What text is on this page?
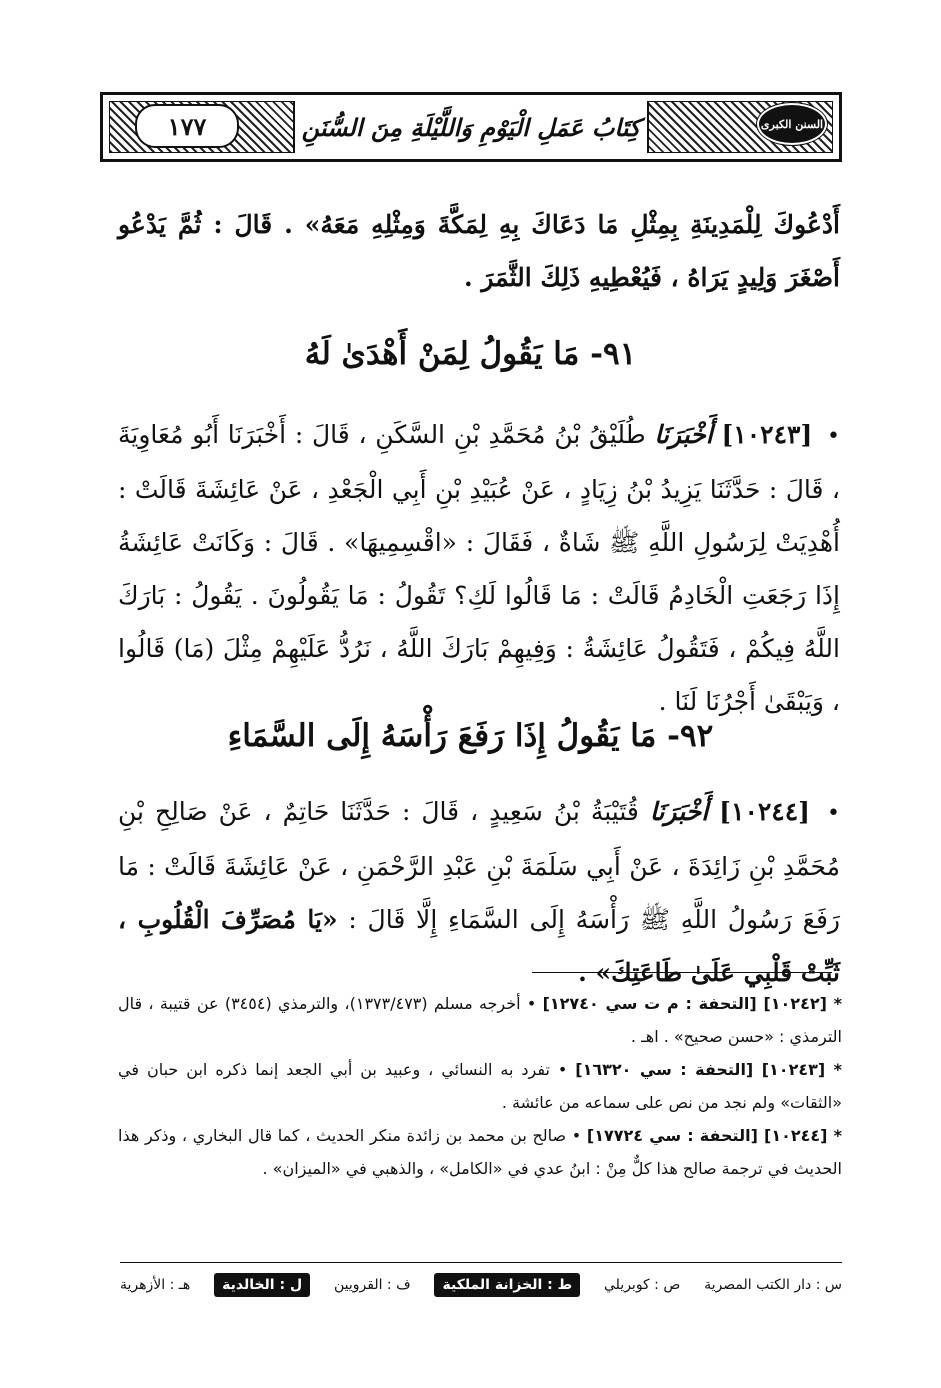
كِتَابُ عَمَلِ الْيَوْمِ وَاللَّيْلَةِ مِنَ السُّنَنِ	السنن الكبرى
١٧٧
أَدْعُوكَ لِلْمَدِينَةِ بِمِثْلِ مَا دَعَاكَ بِهِ لِمَكَّةَ وَمِثْلِهِ مَعَهُ» . قَالَ : ثُمَّ يَدْعُو أَصْغَرَ وَلِيدٍ يَرَاهُ ، فَيُعْطِيهِ ذَلِكَ الثَّمَرَ .
٩١- مَا يَقُولُ لِمَنْ أَهْدَىٰ لَهُ
• [١٠٢٤٣] أَخْبَرَنَا طُلَيْقُ بْنُ مُحَمَّدِ بْنِ السَّكَنِ ، قَالَ : أَخْبَرَنَا أَبُو مُعَاوِيَةَ ، قَالَ : حَدَّثَنَا يَزِيدُ بْنُ زِيَادٍ ، عَنْ عُبَيْدِ بْنِ أَبِي الْجَعْدِ ، عَنْ عَائِشَةَ قَالَتْ : أُهْدِيَتْ لِرَسُولِ اللَّهِ ﷺ شَاةٌ ، فَقَالَ : «اقْسِمِيهَا» . قَالَ : وَكَانَتْ عَائِشَةُ إِذَا رَجَعَتِ الْخَادِمُ قَالَتْ : مَا قَالُوا لَكِ؟ تَقُولُ : مَا يَقُولُونَ . يَقُولُ : بَارَكَ اللَّهُ فِيكُمْ ، فَتَقُولُ عَائِشَةُ : وَفِيهِمْ بَارَكَ اللَّهُ ، نَرُدُّ عَلَيْهِمْ مِثْلَ (مَا) قَالُوا ، وَيَبْقَىٰ أَجْرُنَا لَنَا .
٩٢- مَا يَقُولُ إِذَا رَفَعَ رَأْسَهُ إِلَى السَّمَاءِ
• [١٠٢٤٤] أَخْبَرَنَا قُتَيْبَةُ بْنُ سَعِيدٍ ، قَالَ : حَدَّثَنَا حَاتِمٌ ، عَنْ صَالِحِ بْنِ مُحَمَّدِ بْنِ زَائِدَةَ ، عَنْ أَبِي سَلَمَةَ بْنِ عَبْدِ الرَّحْمَنِ ، عَنْ عَائِشَةَ قَالَتْ : مَا رَفَعَ رَسُولُ اللَّهِ ﷺ رَأْسَهُ إِلَى السَّمَاءِ إِلَّا قَالَ : «يَا مُصَرِّفَ الْقُلُوبِ ، ثَبِّتْ قَلْبِي عَلَىٰ طَاعَتِكَ» .

* [١٠٢٤٢] [التحفة : م ت سي ١٢٧٤٠] • أخرجه مسلم (١٣٧٣/٤٧٣)، والترمذي (٣٤٥٤) عن قتيبة ، قال الترمذي : «حسن صحيح» . اهـ .

* [١٠٢٤٣] [التحفة : سي ١٦٣٢٠] • تفرد به النسائي ، وعبيد بن أبي الجعد إنما ذكره ابن حبان في «الثقات» ولم نجد من نص على سماعه من عائشة .

* [١٠٢٤٤] [التحفة : سي ١٧٧٢٤] • صالح بن محمد بن زائدة منكر الحديث ، كما قال البخاري ، وذكر هذا الحديث في ترجمة صالح هذا كلٌّ مِنْ : ابنُ عدي في «الكامل» ، والذهبي في «الميزان» .

س : دار الكتب المصرية
ص : كوبريلي
ط : الخزانة الملكية
ف : القرويين
ل : الخالدية
هـ : الأزهرية
